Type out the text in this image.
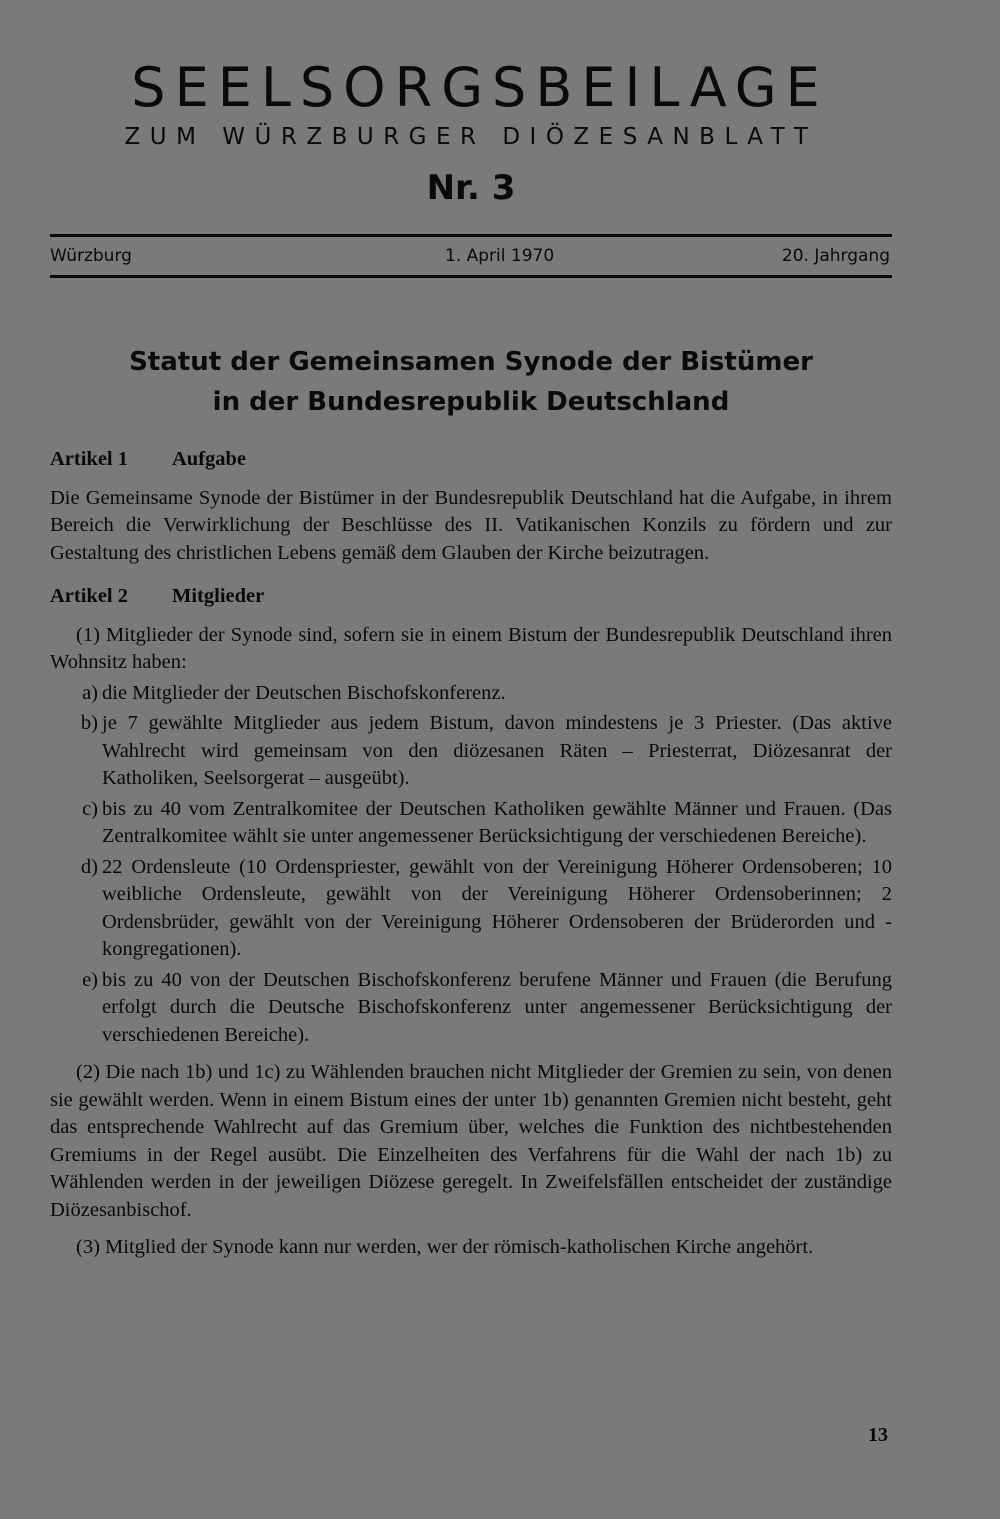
SEELSORGSBEILAGE
ZUM WÜRZBURGER DIÖZESANBLATT
Nr. 3
Würzburg	1. April 1970	20. Jahrgang
Statut der Gemeinsamen Synode der Bistümer
in der Bundesrepublik Deutschland
Artikel 1 Aufgabe

Die Gemeinsame Synode der Bistümer in der Bundesrepublik Deutschland hat die Aufgabe, in ihrem Bereich die Verwirklichung der Beschlüsse des II. Vatikanischen Konzils zu fördern und zur Gestaltung des christlichen Lebens gemäß dem Glauben der Kirche beizutragen.

Artikel 2 Mitglieder

(1) Mitglieder der Synode sind, sofern sie in einem Bistum der Bundesrepublik Deutschland ihren Wohnsitz haben:

a) die Mitglieder der Deutschen Bischofskonferenz.
b) je 7 gewählte Mitglieder aus jedem Bistum, davon mindestens je 3 Priester. (Das aktive Wahlrecht wird gemeinsam von den diözesanen Räten – Priesterrat, Diözesanrat der Katholiken, Seelsorgerat – ausgeübt).
c) bis zu 40 vom Zentralkomitee der Deutschen Katholiken gewählte Männer und Frauen. (Das Zentralkomitee wählt sie unter angemessener Berücksichtigung der verschiedenen Bereiche).
d) 22 Ordensleute (10 Ordenspriester, gewählt von der Vereinigung Höherer Ordensoberen; 10 weibliche Ordensleute, gewählt von der Vereinigung Höherer Ordensoberinnen; 2 Ordensbrüder, gewählt von der Vereinigung Höherer Ordensoberen der Brüderorden und -kongregationen).
e) bis zu 40 von der Deutschen Bischofskonferenz berufene Männer und Frauen (die Berufung erfolgt durch die Deutsche Bischofskonferenz unter angemessener Berücksichtigung der verschiedenen Bereiche).

(2) Die nach 1b) und 1c) zu Wählenden brauchen nicht Mitglieder der Gremien zu sein, von denen sie gewählt werden. Wenn in einem Bistum eines der unter 1b) genannten Gremien nicht besteht, geht das entsprechende Wahlrecht auf das Gremium über, welches die Funktion des nichtbestehenden Gremiums in der Regel ausübt. Die Einzelheiten des Verfahrens für die Wahl der nach 1b) zu Wählenden werden in der jeweiligen Diözese geregelt. In Zweifelsfällen entscheidet der zuständige Diözesanbischof.

(3) Mitglied der Synode kann nur werden, wer der römisch-katholischen Kirche angehört.

13
